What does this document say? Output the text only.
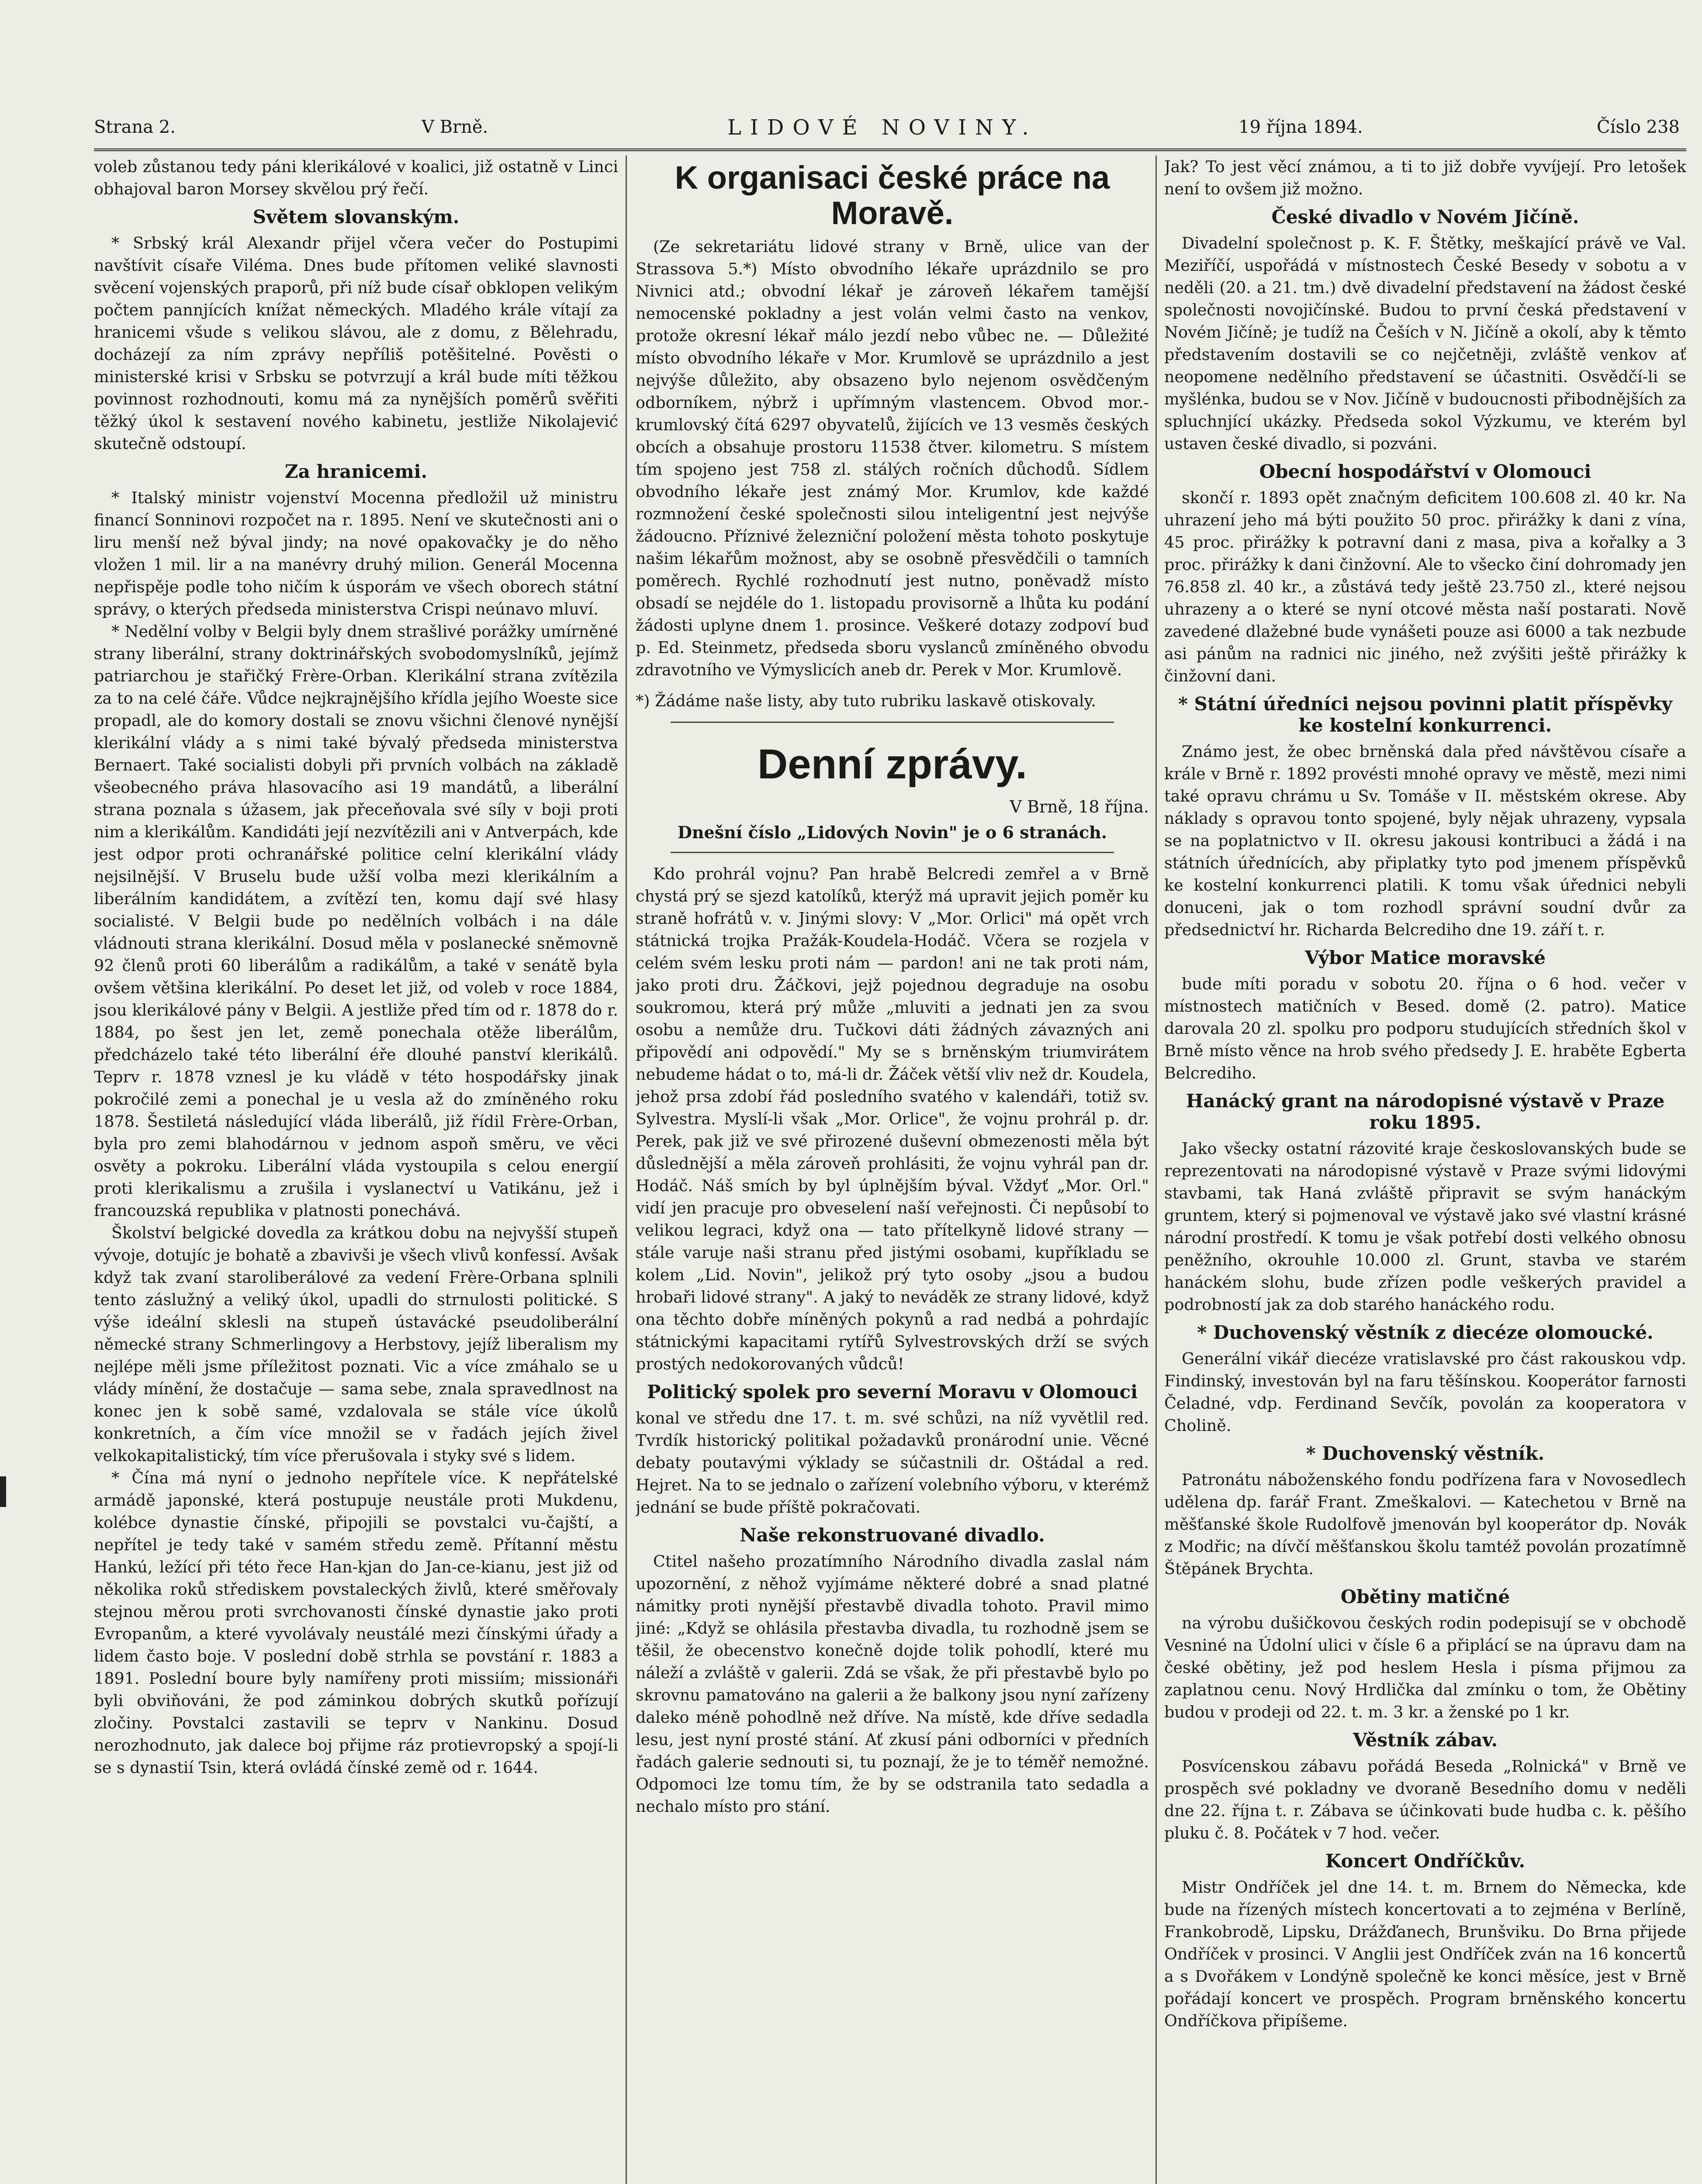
Strana 2.	V Brně.	LIDOVÉ NOVINY.	19 října 1894.	Číslo 238

voleb zůstanou tedy páni klerikálové v koalici, již ostatně v Linci obhajoval baron Morsey skvělou prý řečí.

Světem slovanským.

* Srbský král Alexandr přijel včera večer do Postupimi navštívit císaře Viléma. Dnes bude přítomen veliké slavnosti svěcení vojenských praporů, při níž bude císař obklopen velikým počtem pannjících knížat německých. Mladého krále vítají za hranicemi všude s velikou slávou, ale z domu, z Bělehradu, docházejí za ním zprávy nepříliš potěšitelné. Pověsti o ministerské krisi v Srbsku se potvrzují a král bude míti těžkou povinnost rozhodnouti, komu má za nynějších poměrů svěřiti těžký úkol k sestavení nového kabinetu, jestliže Nikolajević skutečně odstoupí.

Za hranicemi.

* Italský ministr vojenství Mocenna předložil už ministru financí Sonninovi rozpočet na r. 1895. Není ve skutečnosti ani o liru menší než býval jindy; na nové opakovačky je do něho vložen 1 mil. lir a na manévry druhý milion. Generál Mocenna nepřispěje podle toho ničím k úsporám ve všech oborech státní správy, o kterých předseda ministerstva Crispi neúnavo mluví.

* Nedělní volby v Belgii byly dnem strašlivé porážky umírněné strany liberální, strany doktrinářských svobodomyslníků, jejímž patriarchou je stařičký Frère-Orban. Klerikální strana zvítězila za to na celé čáře. Vůdce nejkrajnějšího křídla jejího Woeste sice propadl, ale do komory dostali se znovu všichni členové nynější klerikální vlády a s nimi také bývalý předseda ministerstva Bernaert. Také socialisti dobyli při prvních volbách na základě všeobecného práva hlasovacího asi 19 mandátů, a liberální strana poznala s úžasem, jak přeceňovala své síly v boji proti nim a klerikálům. Kandidáti její nezvítězili ani v Antverpách, kde jest odpor proti ochranářské politice celní klerikální vlády nejsilnější. V Bruselu bude užší volba mezi klerikálním a liberálním kandidátem, a zvítězí ten, komu dají své hlasy socialisté. V Belgii bude po nedělních volbách i na dále vládnouti strana klerikální. Dosud měla v poslanecké sněmovně 92 členů proti 60 liberálům a radikálům, a také v senátě byla ovšem většina klerikální. Po deset let již, od voleb v roce 1884, jsou klerikálové pány v Belgii. A jestliže před tím od r. 1878 do r. 1884, po šest jen let, země ponechala otěže liberálům, předcházelo také této liberální éře dlouhé panství klerikálů. Teprv r. 1878 vznesl je ku vládě v této hospodářsky jinak pokročilé zemi a ponechal je u vesla až do zmíněného roku 1878. Šestiletá následující vláda liberálů, již řídil Frère-Orban, byla pro zemi blahodárnou v jednom aspoň směru, ve věci osvěty a pokroku. Liberální vláda vystoupila s celou energií proti klerikalismu a zrušila i vyslanectví u Vatikánu, jež i francouzská republika v platnosti ponechává.

Školství belgické dovedla za krátkou dobu na nejvyšší stupeň vývoje, dotujíc je bohatě a zbavivši je všech vlivů konfessí. Avšak když tak zvaní staroliberálové za vedení Frère-Orbana splnili tento záslužný a veliký úkol, upadli do strnulosti politické. S výše ideální sklesli na stupeň ústavácké pseudoliberální německé strany Schmerlingovy a Herbstovy, jejíž liberalism my nejlépe měli jsme příležitost poznati. Vic a více zmáhalo se u vlády mínění, že dostačuje — sama sebe, znala spravedlnost na konec jen k sobě samé, vzdalovala se stále více úkolů konkretních, a čím více množil se v řadách jejích živel velkokapitalistický, tím více přerušovala i styky své s lidem.

* Čína má nyní o jednoho nepřítele více. K nepřátelské armádě japonské, která postupuje neustále proti Mukdenu, kolébce dynastie čínské, připojili se povstalci vu-čajští, a nepřítel je tedy také v samém středu země. Přítanní městu Hankú, ležící při této řece Han-kjan do Jan-ce-kianu, jest již od několika roků střediskem povstaleckých živlů, které směřovaly stejnou měrou proti svrchovanosti čínské dynastie jako proti Evropanům, a které vyvolávaly neustálé mezi čínskými úřady a lidem často boje. V poslední době strhla se povstání r. 1883 a 1891. Poslední boure byly namířeny proti missiím; missionáři byli obviňováni, že pod záminkou dobrých skutků pořízují zločiny. Povstalci zastavili se teprv v Nankinu. Dosud nerozhodnuto, jak dalece boj přijme ráz protievropský a spojí-li se s dynastií Tsin, která ovládá čínské země od r. 1644.

K organisaci české práce na Moravě.

(Ze sekretariátu lidové strany v Brně, ulice van der Strassova 5.*) Místo obvodního lékaře uprázdnilo se pro Nivnici atd.; obvodní lékař je zároveň lékařem tamější nemocenské pokladny a jest volán velmi často na venkov, protože okresní lékař málo jezdí nebo vůbec ne. — Důležité místo obvodního lékaře v Mor. Krumlově se uprázdnilo a jest nejvýše důležito, aby obsazeno bylo nejenom osvědčeným odborníkem, nýbrž i upřímným vlastencem. Obvod mor.-krumlovský čítá 6297 obyvatelů, žijících ve 13 vesměs českých obcích a obsahuje prostoru 11538 čtver. kilometru. S místem tím spojeno jest 758 zl. stálých ročních důchodů. Sídlem obvodního lékaře jest známý Mor. Krumlov, kde každé rozmnožení české společnosti silou inteligentní jest nejvýše žádoucno. Příznivé železniční položení města tohoto poskytuje našim lékařům možnost, aby se osobně přesvědčili o tamních poměrech. Rychlé rozhodnutí jest nutno, poněvadž místo obsadí se nejdéle do 1. listopadu provisorně a lhůta ku podání žádosti uplyne dnem 1. prosince. Veškeré dotazy zodpoví buď p. Ed. Steinmetz, předseda sboru vyslanců zmíněného obvodu zdravotního ve Výmyslicích aneb dr. Perek v Mor. Krumlově.

*) Žádáme naše listy, aby tuto rubriku laskavě otiskovaly.

Denní zprávy.
V Brně, 18 října.
Dnešní číslo „Lidových Novin" je o 6 stranách.

Kdo prohrál vojnu? Pan hrabě Belcredi zemřel a v Brně chystá prý se sjezd katolíků, kterýž má upravit jejich poměr ku straně hofrátů v. v. Jinými slovy: V „Mor. Orlici" má opět vrch státnická trojka Pražák-Koudela-Hodáč. Včera se rozjela v celém svém lesku proti nám — pardon! ani ne tak proti nám, jako proti dru. Žáčkovi, jejž pojednou degraduje na osobu soukromou, která prý může „mluviti a jednati jen za svou osobu a nemůže dru. Tučkovi dáti žádných závazných ani připovědí ani odpovědí." My se s brněnským triumvirátem nebudeme hádat o to, má-li dr. Žáček větší vliv než dr. Koudela, jehož prsa zdobí řád posledního svatého v kalendáři, totiž sv. Sylvestra. Myslí-li však „Mor. Orlice", že vojnu prohrál p. dr. Perek, pak již ve své přirozené duševní obmezenosti měla být důslednější a měla zároveň prohlásiti, že vojnu vyhrál pan dr. Hodáč. Náš smích by byl úplnějším býval. Vždyť „Mor. Orl." vidí jen pracuje pro obveselení naší veřejnosti. Či nepůsobí to velikou legraci, když ona — tato přítelkyně lidové strany — stále varuje naši stranu před jistými osobami, kupříkladu se kolem „Lid. Novin", jelikož prý tyto osoby „jsou a budou hrobaři lidové strany". A jaký to neváděk ze strany lidové, když ona těchto dobře míněných pokynů a rad nedbá a pohrdajíc státnickými kapacitami rytířů Sylvestrovských drží se svých prostých nedokorovaných vůdců!

Politický spolek pro severní Moravu v Olomouci

konal ve středu dne 17. t. m. své schůzi, na níž vyvětlil red. Tvrdík historický politikal požadavků pronárodní unie. Věcné debaty poutavými výklady se súčastnili dr. Oštádal a red. Hejret. Na to se jednalo o zařízení volebního výboru, v kterémž jednání se bude příště pokračovati.

Naše rekonstruované divadlo.

Ctitel našeho prozatímního Národního divadla zaslal nám upozornění, z něhož vyjímáme některé dobré a snad platné námitky proti nynější přestavbě divadla tohoto. Pravil mimo jiné: „Když se ohlásila přestavba divadla, tu rozhodně jsem se těšil, že obecenstvo konečně dojde tolik pohodlí, které mu náleží a zvláště v galerii. Zdá se však, že při přestavbě bylo po skrovnu pamatováno na galerii a že balkony jsou nyní zařízeny daleko méně pohodlně než dříve. Na místě, kde dříve sedadla lesu, jest nyní prosté stání. Ať zkusí páni odborníci v předních řadách galerie sednouti si, tu poznají, že je to téměř nemožné. Odpomoci lze tomu tím, že by se odstranila tato sedadla a nechalo místo pro stání.

Jak? To jest věcí známou, a ti to již dobře vyvíjejí. Pro letošek není to ovšem již možno.

České divadlo v Novém Jičíně.

Divadelní společnost p. K. F. Štětky, meškající právě ve Val. Meziříčí, uspořádá v místnostech České Besedy v sobotu a v neděli (20. a 21. tm.) dvě divadelní představení na žádost české společnosti novojičínské. Budou to první česká představení v Novém Jičíně; je tudíž na Češích v N. Jičíně a okolí, aby k těmto představením dostavili se co nejčetněji, zvláště venkov ať neopomene nedělního představení se účastniti. Osvědčí-li se myšlénka, budou se v Nov. Jičíně v budoucnosti přibodnějších za spluchnjící ukázky. Předseda sokol Výzkumu, ve kterém byl ustaven české divadlo, si pozváni.

Obecní hospodářství v Olomouci

skončí r. 1893 opět značným deficitem 100.608 zl. 40 kr. Na uhrazení jeho má býti použito 50 proc. přirážky k dani z vína, 45 proc. přirážky k potravní dani z masa, piva a kořalky a 3 proc. přirážky k dani činžovní. Ale to všecko činí dohromady jen 76.858 zl. 40 kr., a zůstává tedy ještě 23.750 zl., které nejsou uhrazeny a o které se nyní otcové města naší postarati. Nově zavedené dlažebné bude vynášeti pouze asi 6000 a tak nezbude asi pánům na radnici nic jiného, než zvýšiti ještě přirážky k činžovní dani.

* Státní úředníci nejsou povinni platit příspěvky ke kostelní konkurrenci.

Známo jest, že obec brněnská dala před návštěvou císaře a krále v Brně r. 1892 provésti mnohé opravy ve městě, mezi nimi také opravu chrámu u Sv. Tomáše v II. městském okrese. Aby náklady s opravou tonto spojené, byly nějak uhrazeny, vypsala se na poplatnictvo v II. okresu jakousi kontribuci a žádá i na státních úřednících, aby připlatky tyto pod jmenem příspěvků ke kostelní konkurrenci platili. K tomu však úřednici nebyli donuceni, jak o tom rozhodl správní soudní dvůr za předsednictví hr. Richarda Belcrediho dne 19. září t. r.

Výbor Matice moravské

bude míti poradu v sobotu 20. října o 6 hod. večer v místnostech matičních v Besed. domě (2. patro). Matice darovala 20 zl. spolku pro podporu studujících středních škol v Brně místo věnce na hrob svého předsedy J. E. hraběte Egberta Belcrediho.

Hanácký grant na národopisné výstavě v Praze roku 1895.

Jako všecky ostatní rázovité kraje českoslovanských bude se reprezentovati na národopisné výstavě v Praze svými lidovými stavbami, tak Haná zvláště připravit se svým hanáckým gruntem, který si pojmenoval ve výstavě jako své vlastní krásné národní prostředí. K tomu je však potřebí dosti velkého obnosu peněžního, okrouhle 10.000 zl. Grunt, stavba ve starém hanáckém slohu, bude zřízen podle veškerých pravidel a podrobností jak za dob starého hanáckého rodu.

* Duchovenský věstník z diecéze olomoucké.

Generální vikář diecéze vratislavské pro část rakouskou vdp. Findinský, investován byl na faru těšínskou. Kooperátor farnosti Čeladné, vdp. Ferdinand Sevčík, povolán za kooperatora v Cholině.

* Duchovenský věstník.

Patronátu náboženského fondu podřízena fara v Novosedlech udělena dp. farář Frant. Zmeškalovi. — Katechetou v Brně na měšťanské škole Rudolfově jmenován byl kooperátor dp. Novák z Modřic; na dívčí měšťanskou školu tamtéž povolán prozatímně Štěpánek Brychta.

Obětiny matičné

na výrobu dušičkovou českých rodin podepisují se v obchodě Vesniné na Údolní ulici v čísle 6 a připlácí se na úpravu dam na české obětiny, jež pod heslem Hesla i písma přijmou za zaplatnou cenu. Nový Hrdlička dal zmínku o tom, že Obětiny budou v prodeji od 22. t. m. 3 kr. a ženské po 1 kr.

Věstník zábav.

Posvícenskou zábavu pořádá Beseda „Rolnická" v Brně ve prospěch své pokladny ve dvoraně Besedního domu v neděli dne 22. října t. r. Zábava se účinkovati bude hudba c. k. pěšího pluku č. 8. Počátek v 7 hod. večer.

Koncert Ondříčkův.

Mistr Ondříček jel dne 14. t. m. Brnem do Německa, kde bude na řízených místech koncertovati a to zejména v Berlíně, Frankobrodě, Lipsku, Drážďanech, Brunšviku. Do Brna přijede Ondříček v prosinci. V Anglii jest Ondříček zván na 16 koncertů a s Dvořákem v Londýně společně ke konci měsíce, jest v Brně pořádají koncert ve prospěch. Program brněnského koncertu Ondříčkova připíšeme.
